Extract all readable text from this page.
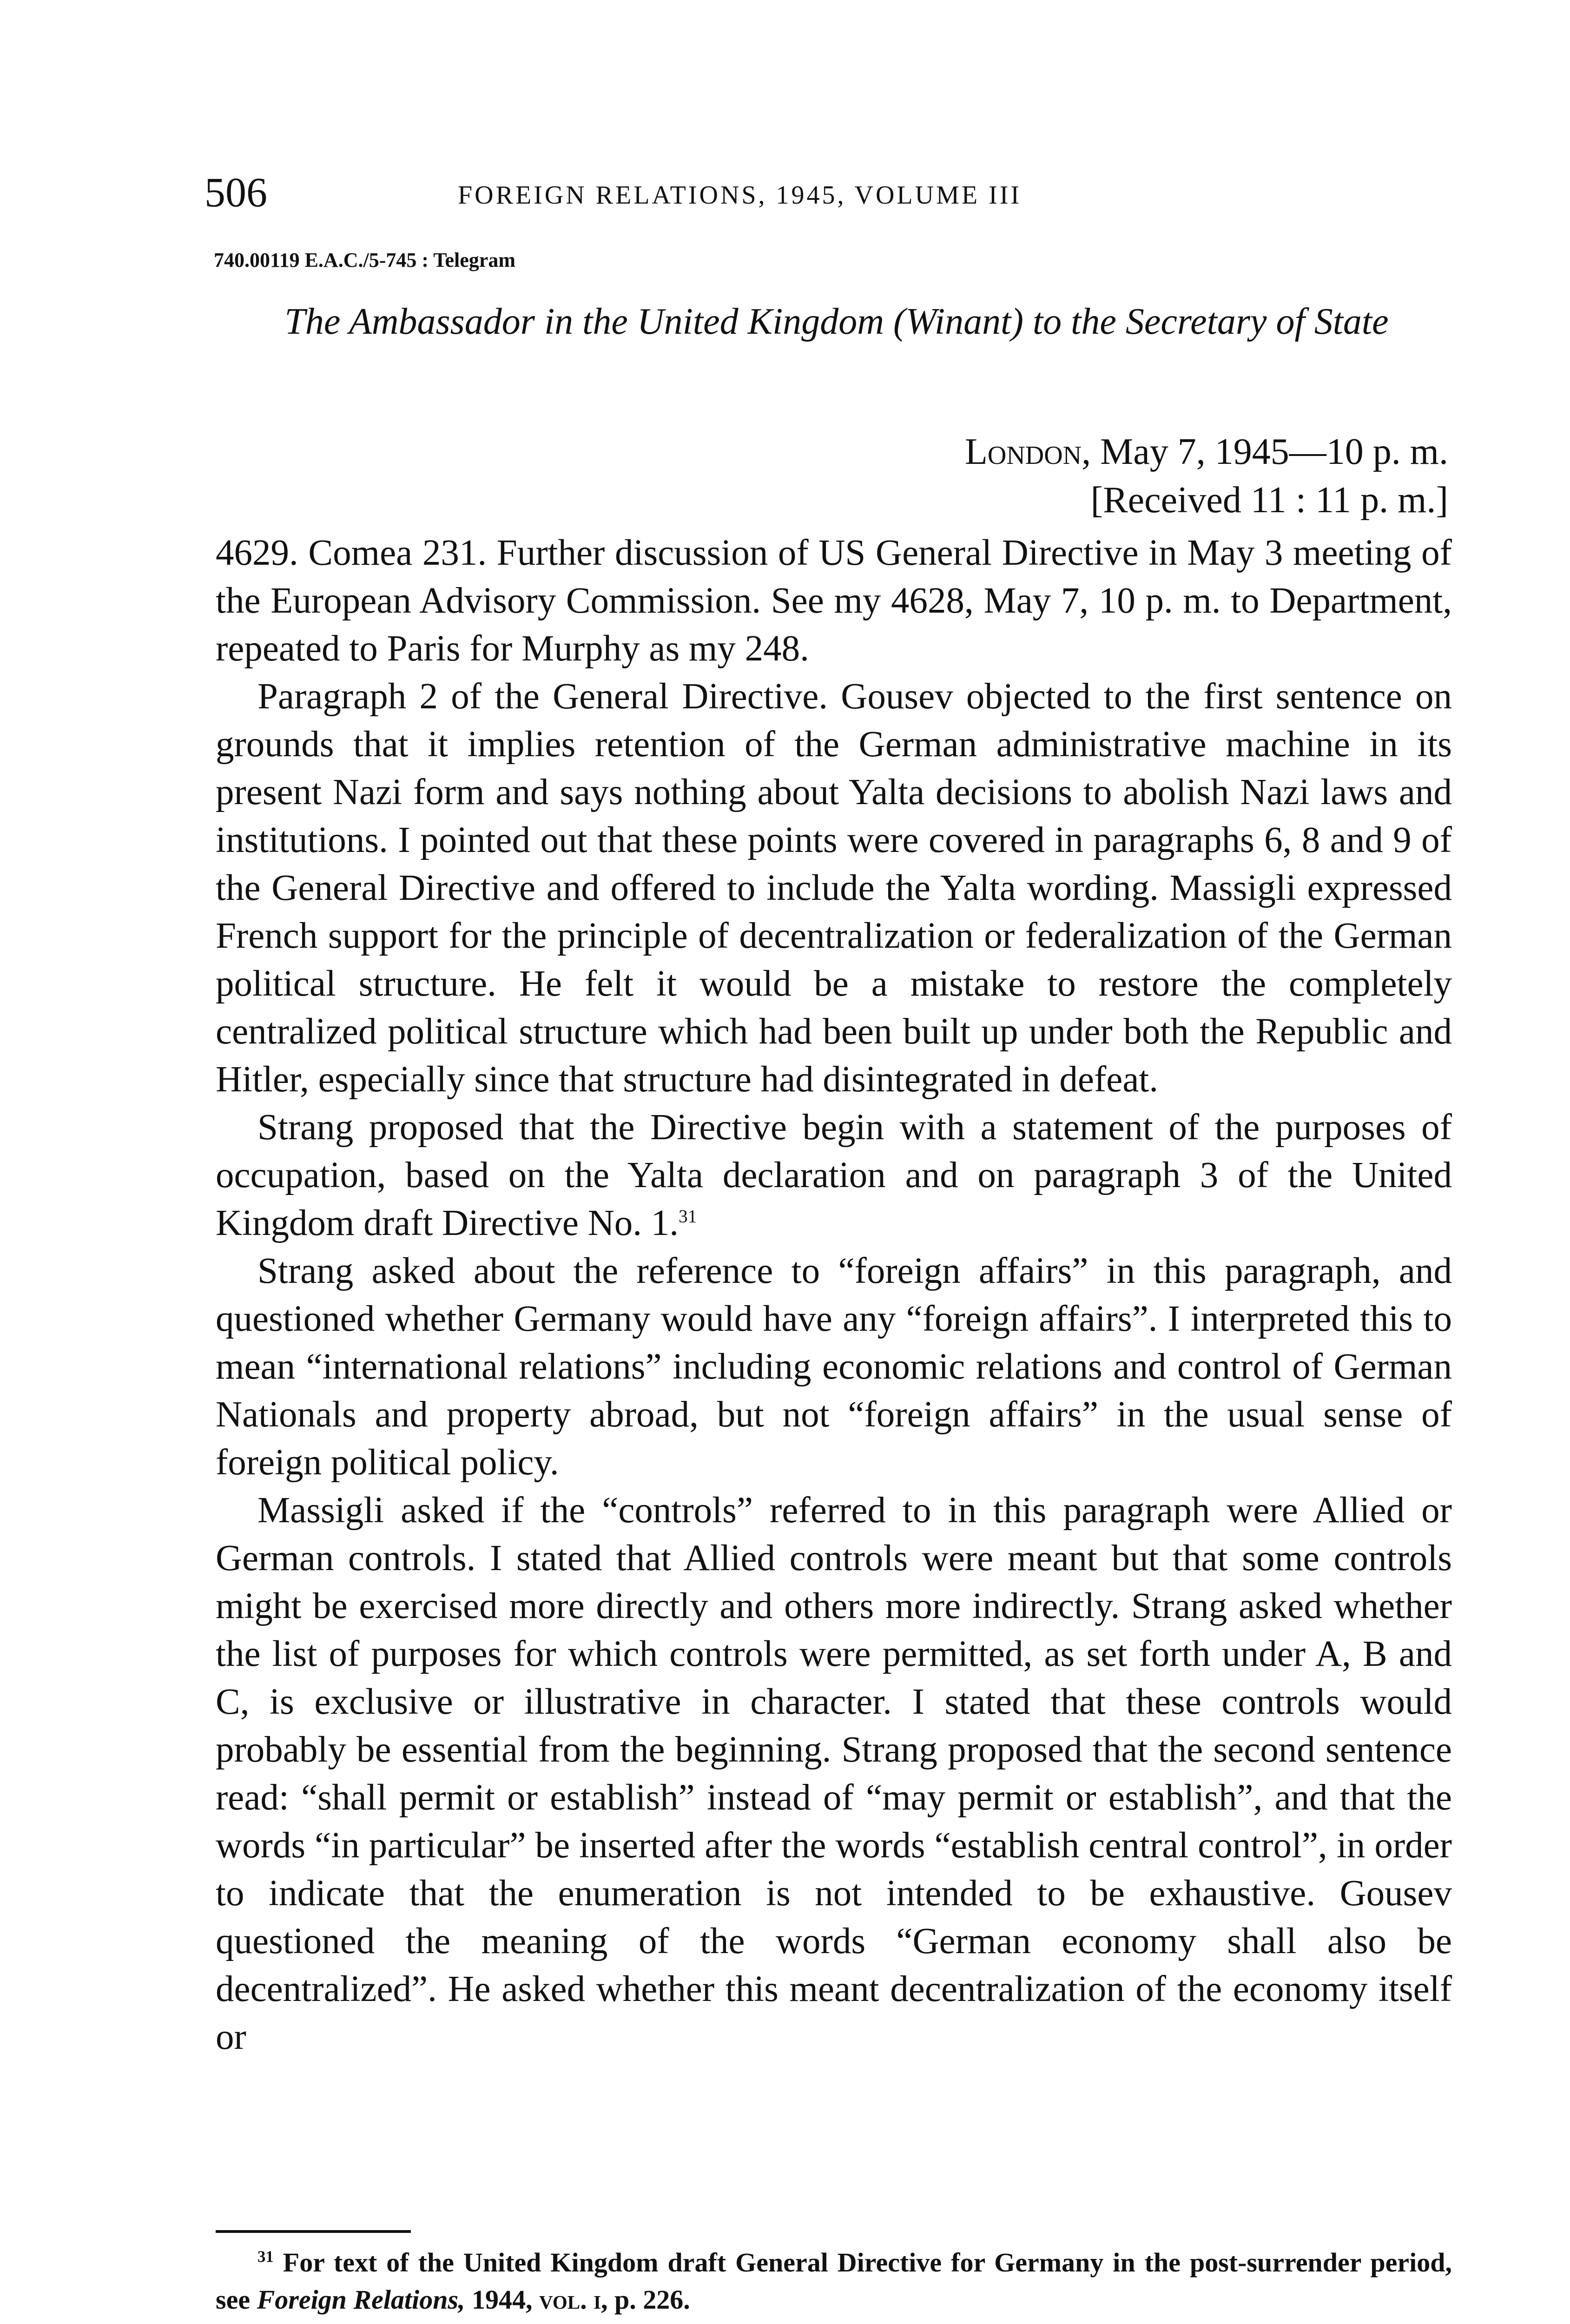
506	FOREIGN RELATIONS, 1945, VOLUME III
740.00119 E.A.C./5-745 : Telegram
The Ambassador in the United Kingdom (Winant) to the Secretary of State
London, May 7, 1945—10 p. m.
[Received 11 : 11 p. m.]

4629. Comea 231. Further discussion of US General Directive in May 3 meeting of the European Advisory Commission. See my 4628, May 7, 10 p. m. to Department, repeated to Paris for Murphy as my 248.

Paragraph 2 of the General Directive. Gousev objected to the first sentence on grounds that it implies retention of the German administrative machine in its present Nazi form and says nothing about Yalta decisions to abolish Nazi laws and institutions. I pointed out that these points were covered in paragraphs 6, 8 and 9 of the General Directive and offered to include the Yalta wording. Massigli expressed French support for the principle of decentralization or federalization of the German political structure. He felt it would be a mistake to restore the completely centralized political structure which had been built up under both the Republic and Hitler, especially since that structure had disintegrated in defeat.

Strang proposed that the Directive begin with a statement of the purposes of occupation, based on the Yalta declaration and on paragraph 3 of the United Kingdom draft Directive No. 1.31

Strang asked about the reference to “foreign affairs” in this paragraph, and questioned whether Germany would have any “foreign affairs”. I interpreted this to mean “international relations” including economic relations and control of German Nationals and property abroad, but not “foreign affairs” in the usual sense of foreign political policy.

Massigli asked if the “controls” referred to in this paragraph were Allied or German controls. I stated that Allied controls were meant but that some controls might be exercised more directly and others more indirectly. Strang asked whether the list of purposes for which controls were permitted, as set forth under A, B and C, is exclusive or illustrative in character. I stated that these controls would probably be essential from the beginning. Strang proposed that the second sentence read: “shall permit or establish” instead of “may permit or establish”, and that the words “in particular” be inserted after the words “establish central control”, in order to indicate that the enumeration is not intended to be exhaustive. Gousev questioned the meaning of the words “German economy shall also be decentralized”. He asked whether this meant decentralization of the economy itself or

$^{31}$ For text of the United Kingdom draft General Directive for Germany in the post-surrender period, see Foreign Relations, 1944, vol. i, p. 226.
